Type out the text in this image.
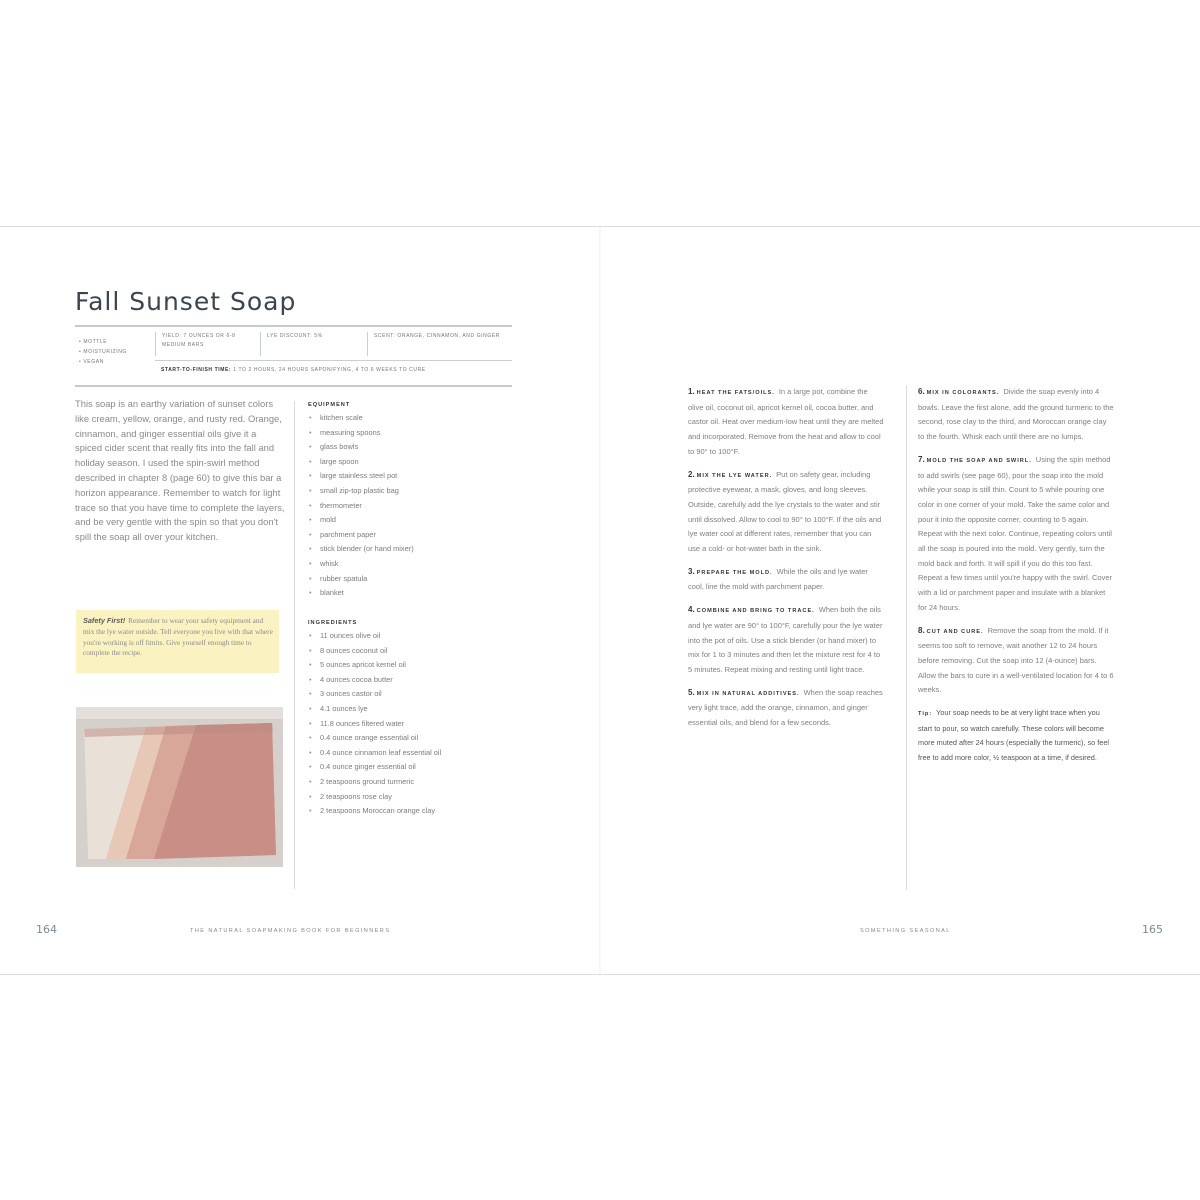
Fall Sunset Soap
• MOTTLE
• MOISTURIZING
• VEGAN
YIELD: 7 OUNCES OR 6-8 MEDIUM BARS
LYE DISCOUNT: 5%	SCENT: ORANGE, CINNAMON, AND GINGER
START-TO-FINISH TIME: 1 TO 2 HOURS, 24 HOURS SAPONIFYING, 4 TO 6 WEEKS TO CURE

This soap is an earthy variation of sunset colors like cream, yellow, orange, and rusty red. Orange, cinnamon, and ginger essential oils give it a spiced cider scent that really fits into the fall and holiday season. I used the spin-swirl method described in chapter 8 (page 60) to give this bar a horizon appearance. Remember to watch for light trace so that you have time to complete the layers, and be very gentle with the spin so that you don't spill the soap all over your kitchen.

Safety First! Remember to wear your safety equipment and mix the lye water outside. Tell everyone you live with that where you're working is off limits. Give yourself enough time to complete the recipe.
EQUIPMENT
• kitchen scale
• measuring spoons
• glass bowls
• large spoon
• large stainless steel pot
• small zip-top plastic bag
• thermometer
• mold
• parchment paper
• stick blender (or hand mixer)
• whisk
• rubber spatula
• blanket
INGREDIENTS
• 11 ounces olive oil
• 8 ounces coconut oil
• 5 ounces apricot kernel oil
• 4 ounces cocoa butter
• 3 ounces castor oil
• 4.1 ounces lye
• 11.8 ounces filtered water
• 0.4 ounce orange essential oil
• 0.4 ounce cinnamon leaf essential oil
• 0.4 ounce ginger essential oil
• 2 teaspoons ground turmeric
• 2 teaspoons rose clay
• 2 teaspoons Moroccan orange clay
THE NATURAL SOAPMAKING BOOK FOR BEGINNERS
164

1. HEAT THE FATS/OILS. In a large pot, combine the olive oil, coconut oil, apricot kernel oil, cocoa butter, and castor oil. Heat over medium-low heat until they are melted and incorporated. Remove from the heat and allow to cool to 90° to 100°F.

2. MIX THE LYE WATER. Put on safety gear, including protective eyewear, a mask, gloves, and long sleeves. Outside, carefully add the lye crystals to the water and stir until dissolved. Allow to cool to 90° to 100°F. If the oils and lye water cool at different rates, remember that you can use a cold- or hot-water bath in the sink.

3. PREPARE THE MOLD. While the oils and lye water cool, line the mold with parchment paper.

4. COMBINE AND BRING TO TRACE. When both the oils and lye water are 90° to 100°F, carefully pour the lye water into the pot of oils. Use a stick blender (or hand mixer) to mix for 1 to 3 minutes and then let the mixture rest for 4 to 5 minutes. Repeat mixing and resting until light trace.

5. MIX IN NATURAL ADDITIVES. When the soap reaches very light trace, add the orange, cinnamon, and ginger essential oils, and blend for a few seconds.

6. MIX IN COLORANTS. Divide the soap evenly into 4 bowls. Leave the first alone, add the ground turmeric to the second, rose clay to the third, and Moroccan orange clay to the fourth. Whisk each until there are no lumps.

7. MOLD THE SOAP AND SWIRL. Using the spin method to add swirls (see page 60), pour the soap into the mold while your soap is still thin. Count to 5 while pouring one color in one corner of your mold. Take the same color and pour it into the opposite corner, counting to 5 again. Repeat with the next color. Continue, repeating colors until all the soap is poured into the mold. Very gently, turn the mold back and forth. It will spill if you do this too fast. Repeat a few times until you're happy with the swirl. Cover with a lid or parchment paper and insulate with a blanket for 24 hours.

8. CUT AND CURE. Remove the soap from the mold. If it seems too soft to remove, wait another 12 to 24 hours before removing. Cut the soap into 12 (4-ounce) bars. Allow the bars to cure in a well-ventilated location for 4 to 6 weeks.

Tip: Your soap needs to be at very light trace when you start to pour, so watch carefully. These colors will become more muted after 24 hours (especially the turmeric), so feel free to add more color, ½ teaspoon at a time, if desired.
SOMETHING SEASONAL	165
